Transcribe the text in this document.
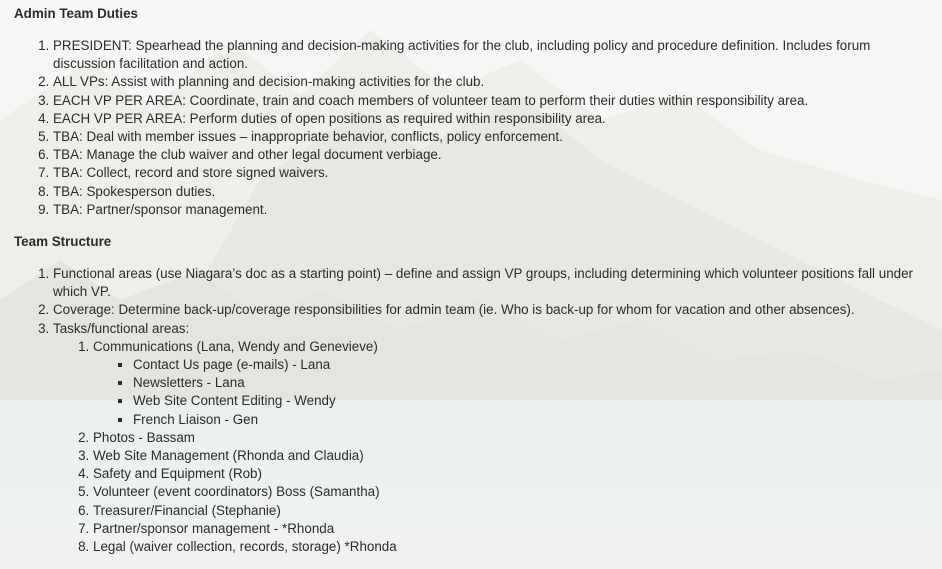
Admin Team Duties
1. PRESIDENT: Spearhead the planning and decision-making activities for the club, including policy and procedure definition. Includes forum discussion facilitation and action.
2. ALL VPs: Assist with planning and decision-making activities for the club.
3. EACH VP PER AREA: Coordinate, train and coach members of volunteer team to perform their duties within responsibility area.
4. EACH VP PER AREA: Perform duties of open positions as required within responsibility area.
5. TBA: Deal with member issues – inappropriate behavior, conflicts, policy enforcement.
6. TBA: Manage the club waiver and other legal document verbiage.
7. TBA: Collect, record and store signed waivers.
8. TBA: Spokesperson duties.
9. TBA: Partner/sponsor management.
Team Structure
1. Functional areas (use Niagara’s doc as a starting point) – define and assign VP groups, including determining which volunteer positions fall under which VP.
2. Coverage: Determine back-up/coverage responsibilities for admin team (ie. Who is back-up for whom for vacation and other absences).
3. Tasks/functional areas:
1. Communications (Lana, Wendy and Genevieve)
▪ Contact Us page (e-mails) - Lana
▪ Newsletters - Lana
▪ Web Site Content Editing - Wendy
▪ French Liaison - Gen
2. Photos - Bassam
3. Web Site Management (Rhonda and Claudia)
4. Safety and Equipment (Rob)
5. Volunteer (event coordinators) Boss (Samantha)
6. Treasurer/Financial (Stephanie)
7. Partner/sponsor management - *Rhonda
8. Legal (waiver collection, records, storage) *Rhonda
